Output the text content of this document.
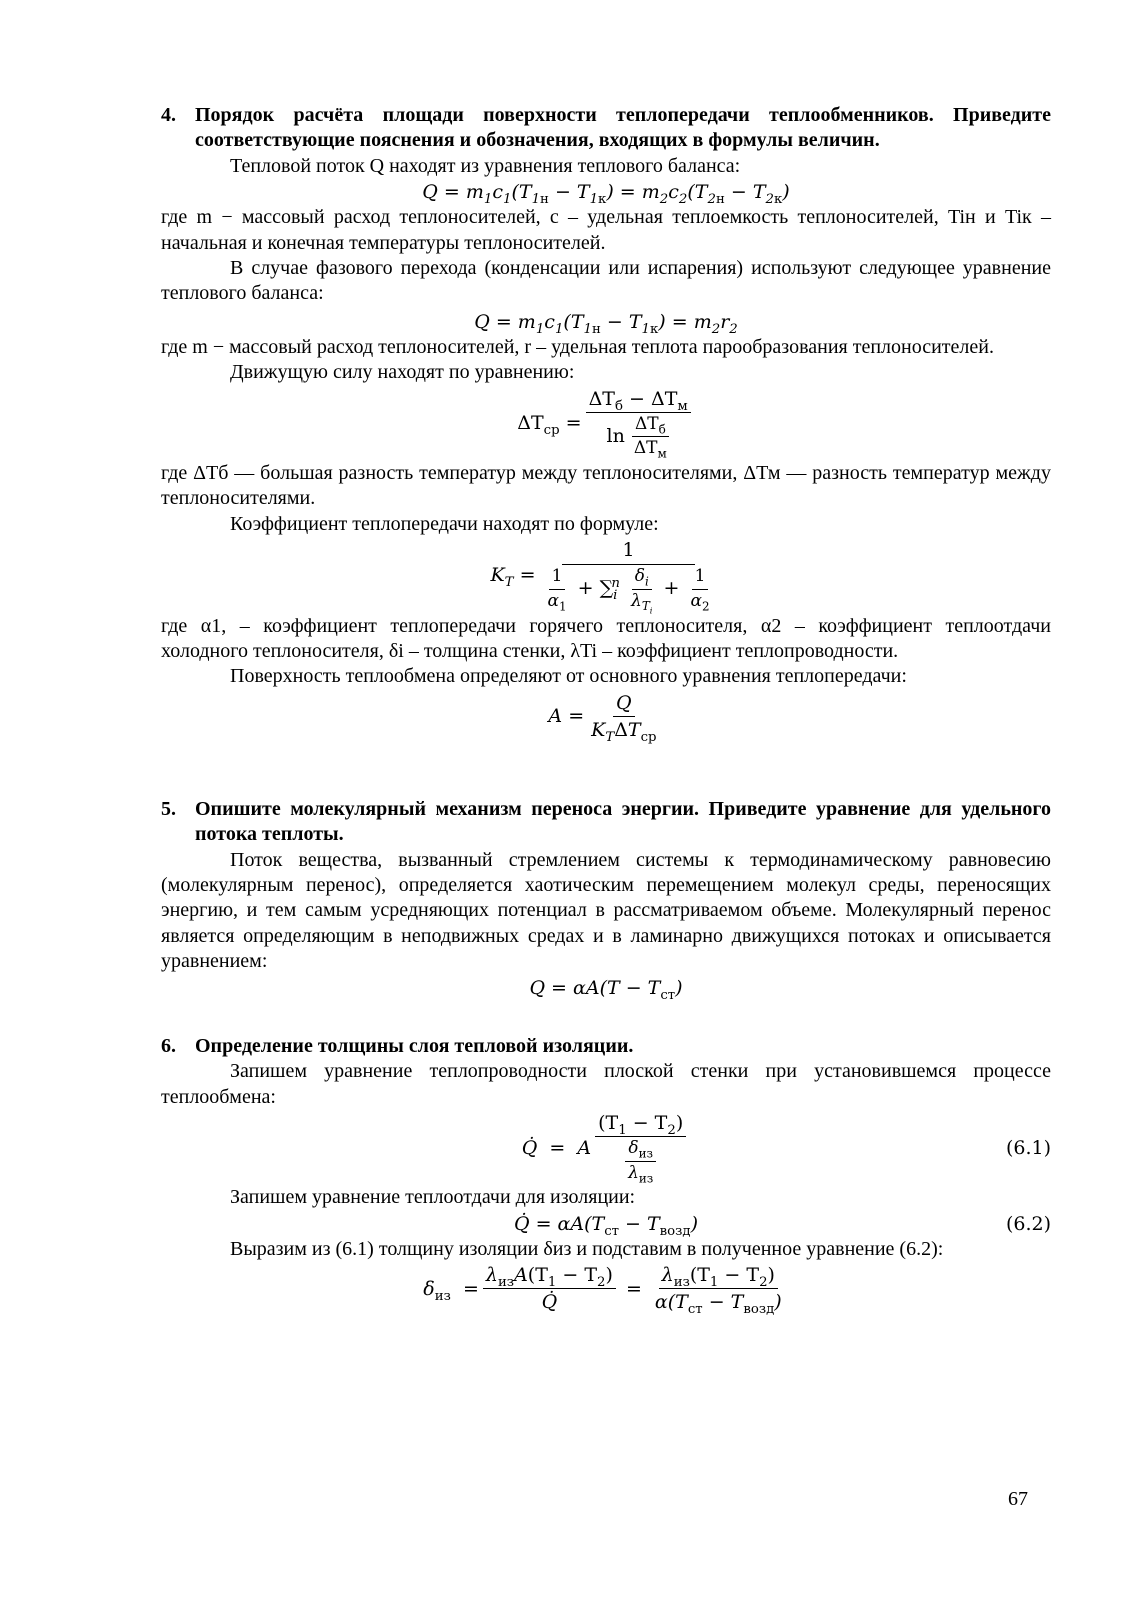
4. Порядок расчёта площади поверхности теплопередачи теплообменников. Приведите соответствующие пояснения и обозначения, входящих в формулы величин.

Тепловой поток Q находят из уравнения теплового баланса:

$Q = m_1c_1(T_{1н} - T_{1к}) = m_2c_2(T_{2н} - T_{2к})$

где m − массовый расход теплоносителей, c – удельная теплоемкость теплоносителей, Tiн и Tiк – начальная и конечная температуры теплоносителей.

В случае фазового перехода (конденсации или испарения) используют следующее уравнение теплового баланса:

$Q = m_1c_1(T_{1н} - T_{1к}) = m_2r_2$

где m − массовый расход теплоносителей, r – удельная теплота парообразования теплоносителей.

Движущую силу находят по уравнению:

$\Delta Т_{ср} = \frac{\Delta Т_б - \Delta Т_м}{\ln \frac{\Delta Т_б}{\Delta Т_м}}$

где ΔТб — большая разность температур между теплоносителями, ΔТм — разность температур между теплоносителями.

Коэффициент теплопередачи находят по формуле:

$K_T = \frac{1}{\frac{1}{\alpha_1} + \sum_i^n \frac{\delta_i}{\lambda_{T_i}} + \frac{1}{\alpha_2}}$

где α1, – коэффициент теплопередачи горячего теплоносителя, α2 – коэффициент теплоотдачи холодного теплоносителя, δi – толщина стенки, λTi – коэффициент теплопроводности.

Поверхность теплообмена определяют от основного уравнения теплопередачи:

$A = \frac{Q}{K_T\Delta T_{ср}}$
5. Опишите молекулярный механизм переноса энергии. Приведите уравнение для удельного потока теплоты.

Поток вещества, вызванный стремлением системы к термодинамическому равновесию (молекулярным перенос), определяется хаотическим перемещением молекул среды, переносящих энергию, и тем самым усредняющих потенциал в рассматриваемом объеме. Молекулярный перенос является определяющим в неподвижных средах и в ламинарно движущихся потоках и описывается уравнением:

$Q = \alpha A(T - T_{ст})$
6. Определение толщины слоя тепловой изоляции.

Запишем уравнение теплопроводности плоской стенки при установившемся процессе теплообмена:

Q̇  =  A $\frac{(Т_1 - Т_2)}{\frac{\delta_{из}}{\lambda_{из}}}$	(6.1)

Запишем уравнение теплоотдачи для изоляции:

Q̇ = $\alpha A(T_{ст} - T_{возд})$	(6.2)

Выразим из (6.1) толщину изоляции δиз и подставим в полученное уравнение (6.2):

$\delta_{из} = \frac{\lambda_{из}A(Т_1 - Т_2)}{Q̇} = \frac{\lambda_{из}(Т_1 - Т_2)}{\alpha(T_{ст} - T_{возд})}$
67
